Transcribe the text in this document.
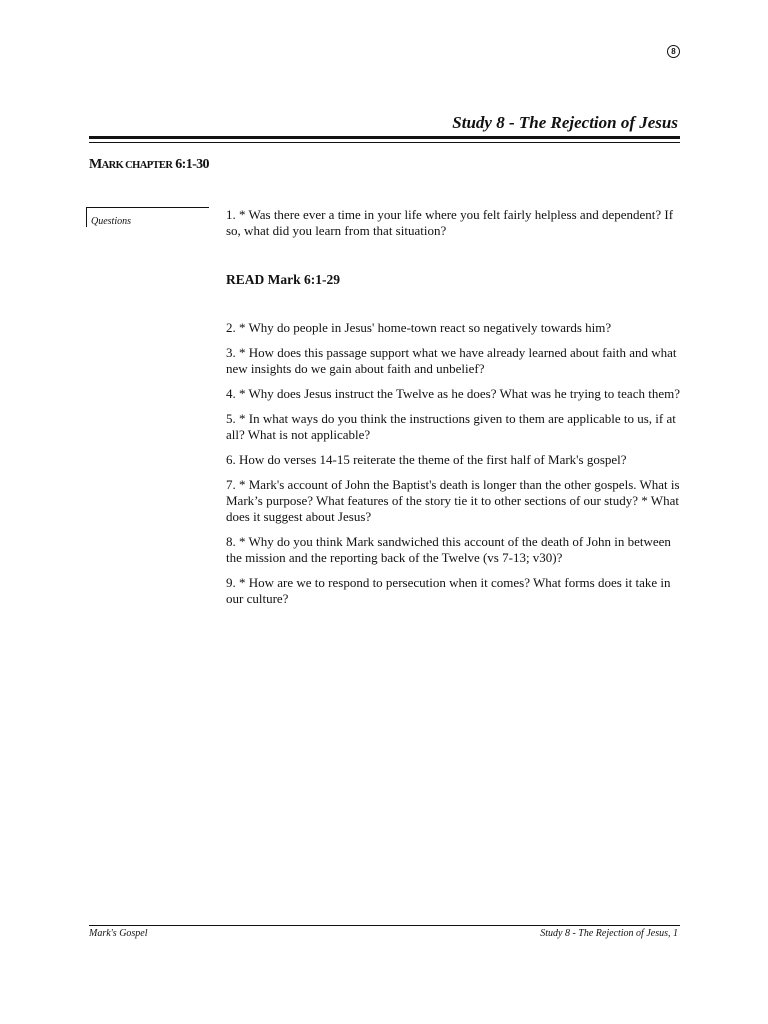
8
Study 8 - The Rejection of Jesus
MARK CHAPTER 6:1-30
Questions	1. * Was there ever a time in your life where you felt fairly helpless and dependent? If so, what did you learn from that situation?

READ Mark 6:1-29

2. * Why do people in Jesus' home-town react so negatively towards him?

3. * How does this passage support what we have already learned about faith and what new insights do we gain about faith and unbelief?

4. * Why does Jesus instruct the Twelve as he does? What was he trying to teach them?

5. * In what ways do you think the instructions given to them are applicable to us, if at all? What is not applicable?

6. How do verses 14-15 reiterate the theme of the first half of Mark's gospel?

7. * Mark's account of John the Baptist's death is longer than the other gospels. What is Mark’s purpose? What features of the story tie it to other sections of our study? * What does it suggest about Jesus?

8. * Why do you think Mark sandwiched this account of the death of John in between the mission and the reporting back of the Twelve (vs 7-13; v30)?

9. * How are we to respond to persecution when it comes? What forms does it take in our culture?

Mark's Gospel	Study 8 - The Rejection of Jesus, 1
